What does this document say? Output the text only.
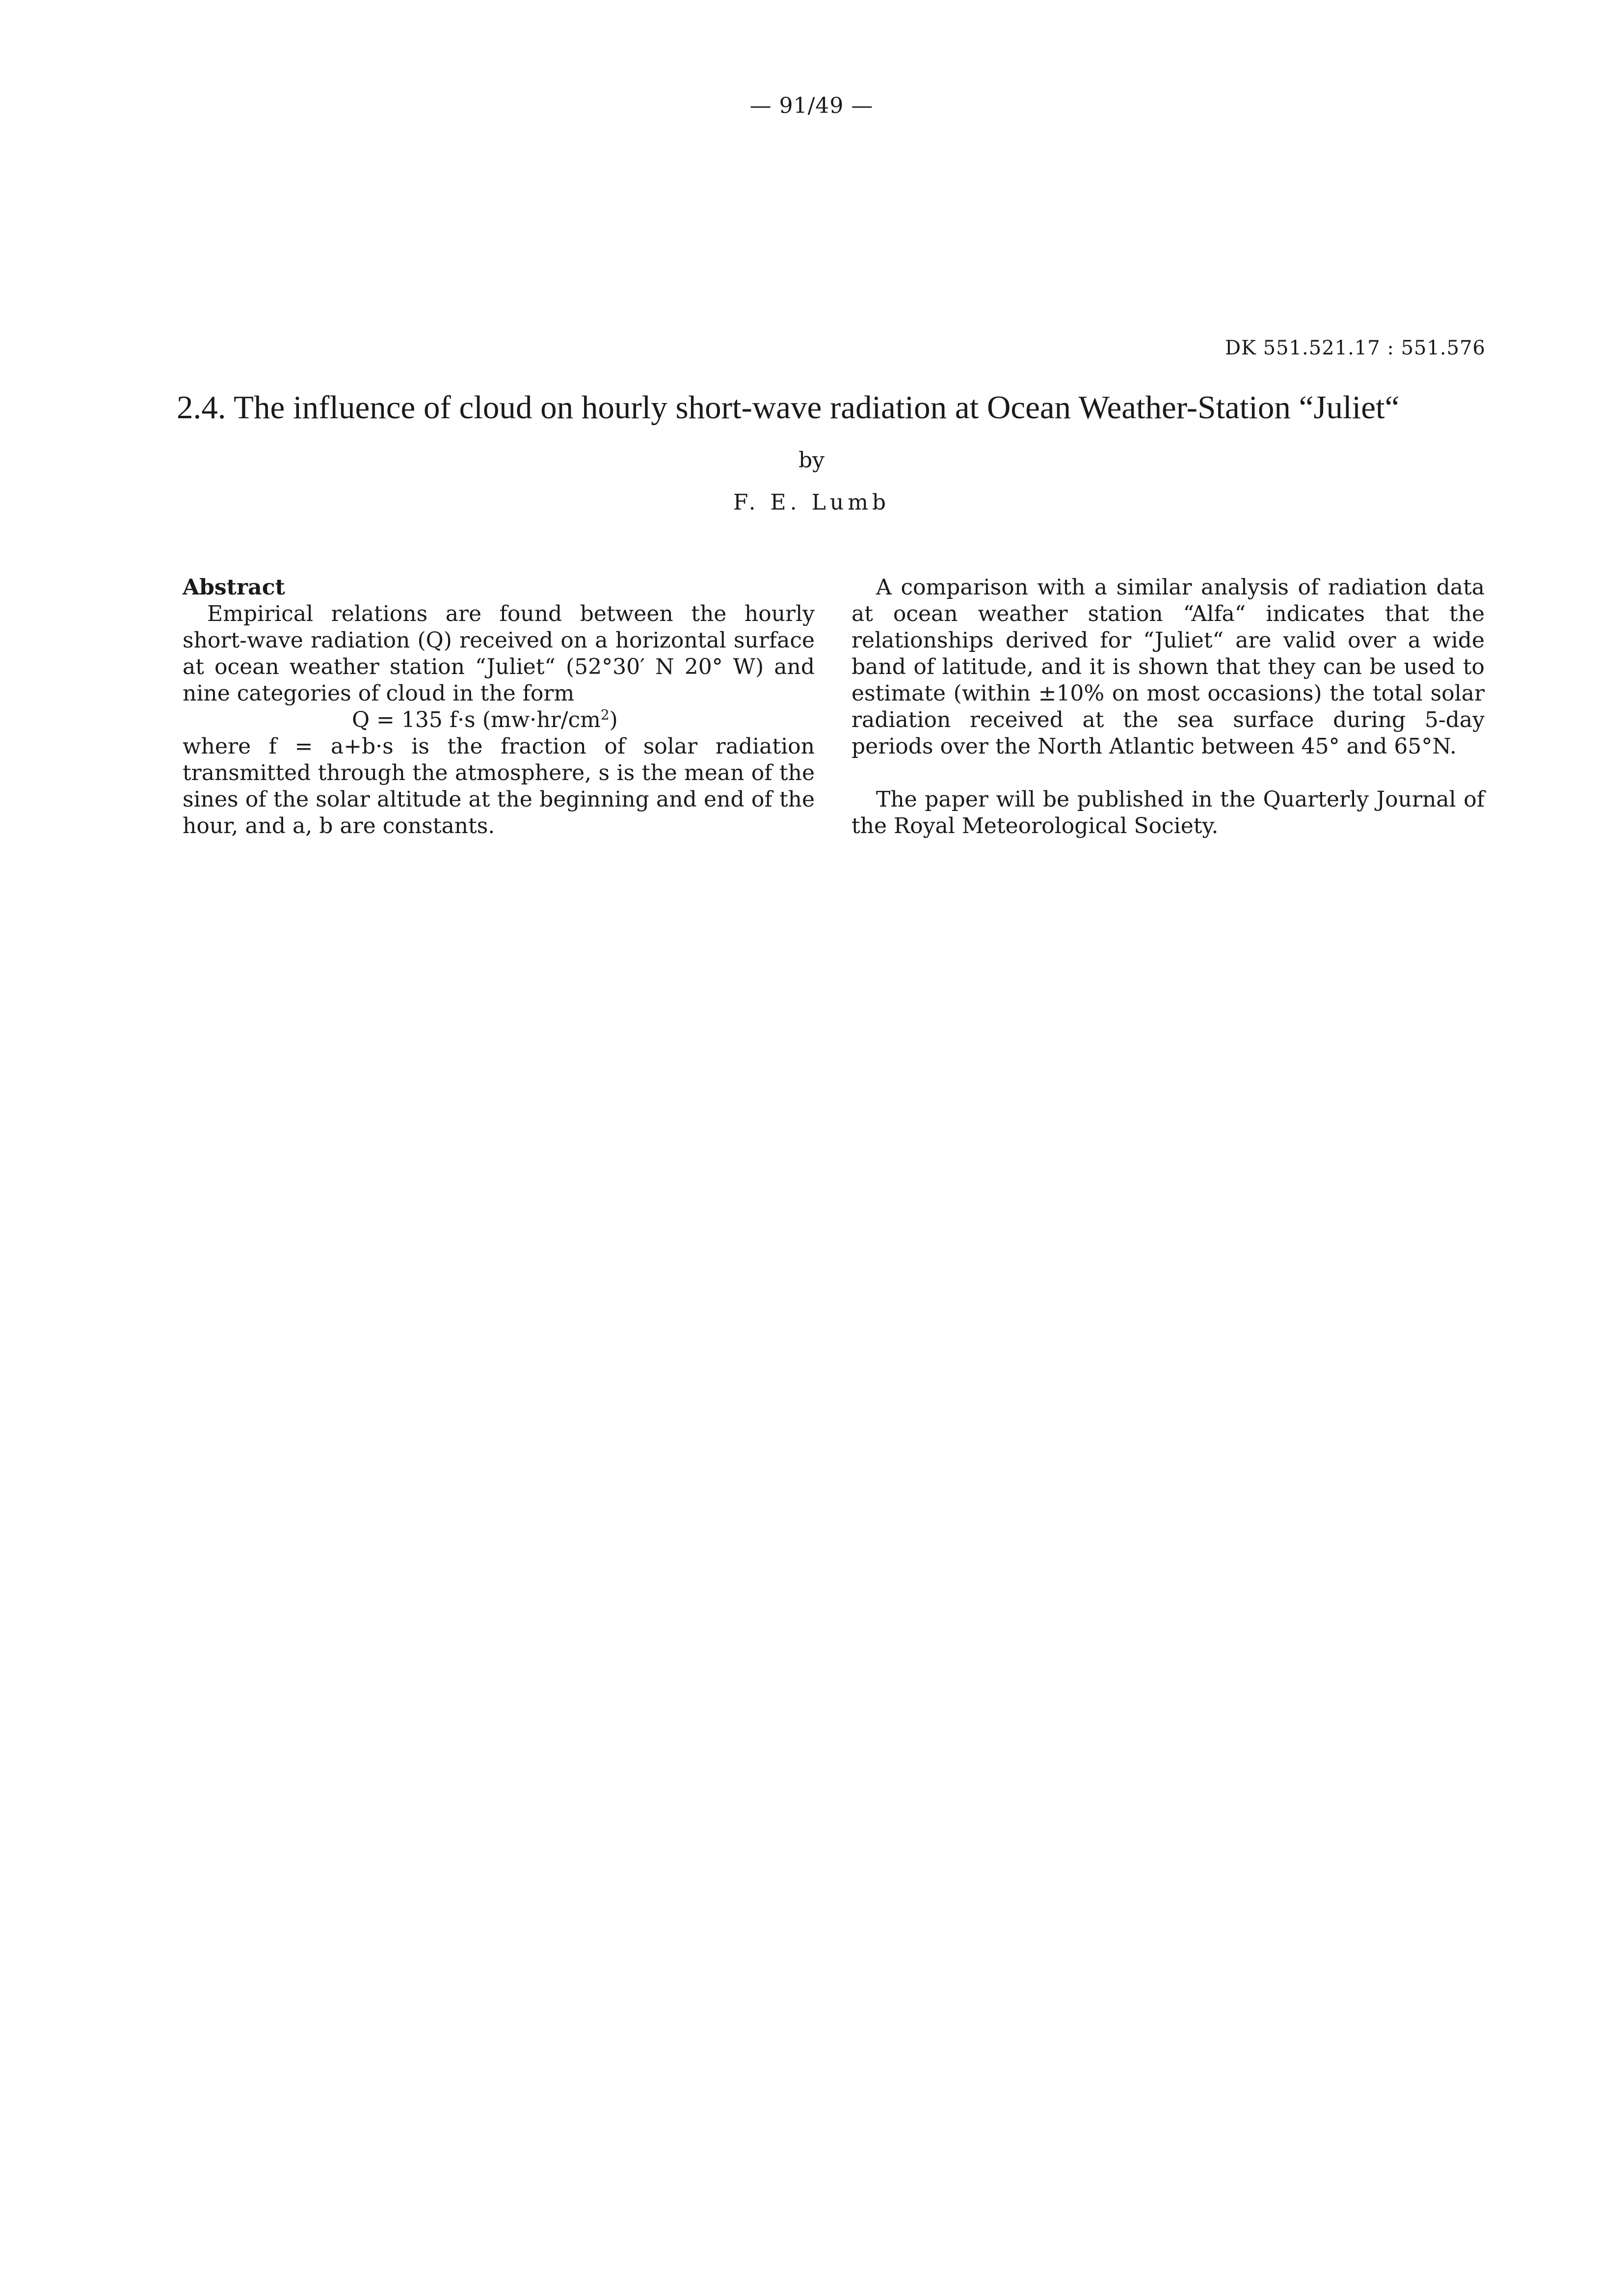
— 91/49 —
DK 551.521.17 : 551.576
2.4. The influence of cloud on hourly short-wave radiation at Ocean Weather-Station “Juliet“
by
F. E. Lumb

Abstract

Empirical relations are found between the hourly short-wave radiation (Q) received on a horizontal surface at ocean weather station “Juliet“ (52°30′ N 20° W) and nine categories of cloud in the form

Q = 135 f·s $(mw\cdot hr/cm^2)$

where f = a+b·s is the fraction of solar radiation transmitted through the atmosphere, s is the mean of the sines of the solar altitude at the beginning and end of the hour, and a, b are constants.

A comparison with a similar analysis of radiation data at ocean weather station “Alfa“ indicates that the relationships derived for “Juliet“ are valid over a wide band of latitude, and it is shown that they can be used to estimate (within ±10% on most occasions) the total solar radiation received at the sea surface during 5-day periods over the North Atlantic between 45° and 65°N.

The paper will be published in the Quarterly Journal of the Royal Meteorological Society.
